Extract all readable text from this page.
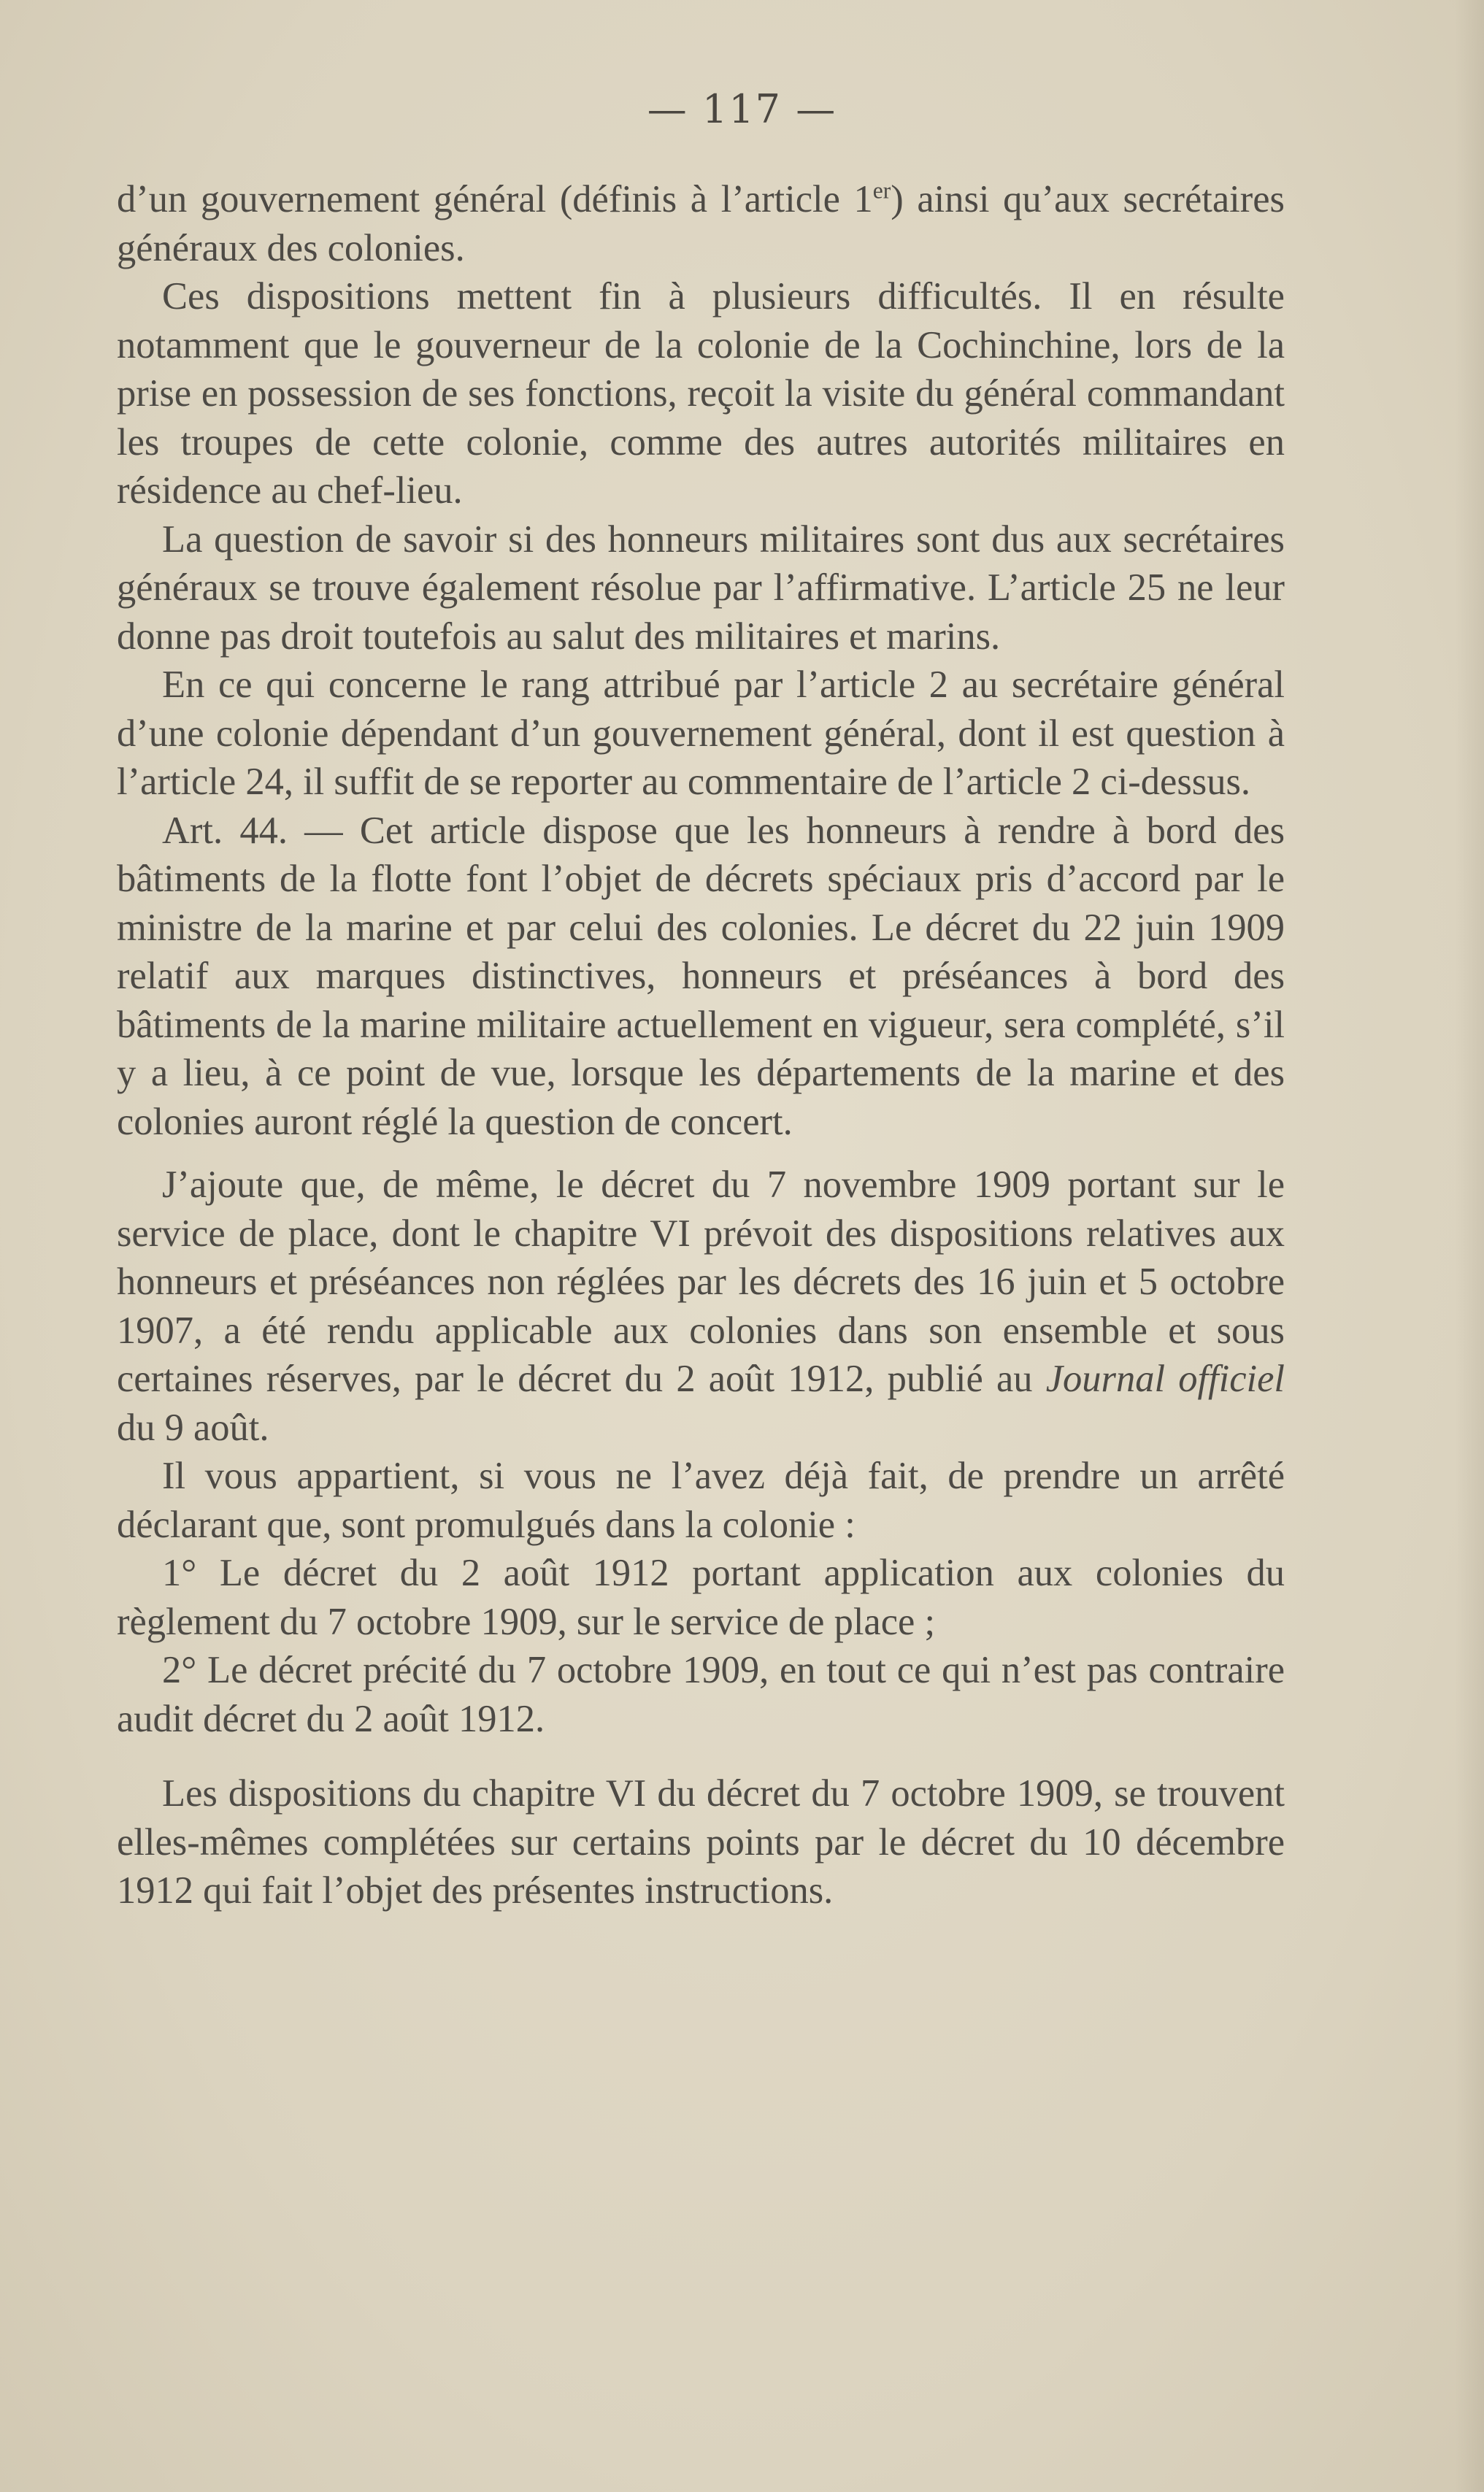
— 117 —

d’un gouvernement général (définis à l’article 1er) ainsi qu’aux secrétaires généraux des colonies.

Ces dispositions mettent fin à plusieurs difficultés. Il en résulte notamment que le gouverneur de la colonie de la Cochinchine, lors de la prise en possession de ses fonctions, reçoit la visite du général commandant les troupes de cette colonie, comme des autres autorités militaires en résidence au chef-lieu.

La question de savoir si des honneurs militaires sont dus aux secrétaires généraux se trouve également résolue par l’affirmative. L’article 25 ne leur donne pas droit toutefois au salut des militaires et marins.

En ce qui concerne le rang attribué par l’article 2 au secrétaire général d’une colonie dépendant d’un gouvernement général, dont il est question à l’article 24, il suffit de se reporter au commentaire de l’article 2 ci-dessus.

Art. 44. — Cet article dispose que les honneurs à rendre à bord des bâtiments de la flotte font l’objet de décrets spéciaux pris d’accord par le ministre de la marine et par celui des colonies. Le décret du 22 juin 1909 relatif aux marques distinctives, honneurs et préséances à bord des bâtiments de la marine militaire actuellement en vigueur, sera complété, s’il y a lieu, à ce point de vue, lorsque les départements de la marine et des colonies auront réglé la question de concert.

J’ajoute que, de même, le décret du 7 novembre 1909 portant sur le service de place, dont le chapitre VI prévoit des dispositions relatives aux honneurs et préséances non réglées par les décrets des 16 juin et 5 octobre 1907, a été rendu applicable aux colonies dans son ensemble et sous certaines réserves, par le décret du 2 août 1912, publié au Journal officiel du 9 août.

Il vous appartient, si vous ne l’avez déjà fait, de prendre un arrêté déclarant que, sont promulgués dans la colonie :

1° Le décret du 2 août 1912 portant application aux colonies du règlement du 7 octobre 1909, sur le service de place ;

2° Le décret précité du 7 octobre 1909, en tout ce qui n’est pas contraire audit décret du 2 août 1912.

Les dispositions du chapitre VI du décret du 7 octobre 1909, se trouvent elles-mêmes complétées sur certains points par le décret du 10 décembre 1912 qui fait l’objet des présentes instructions.
